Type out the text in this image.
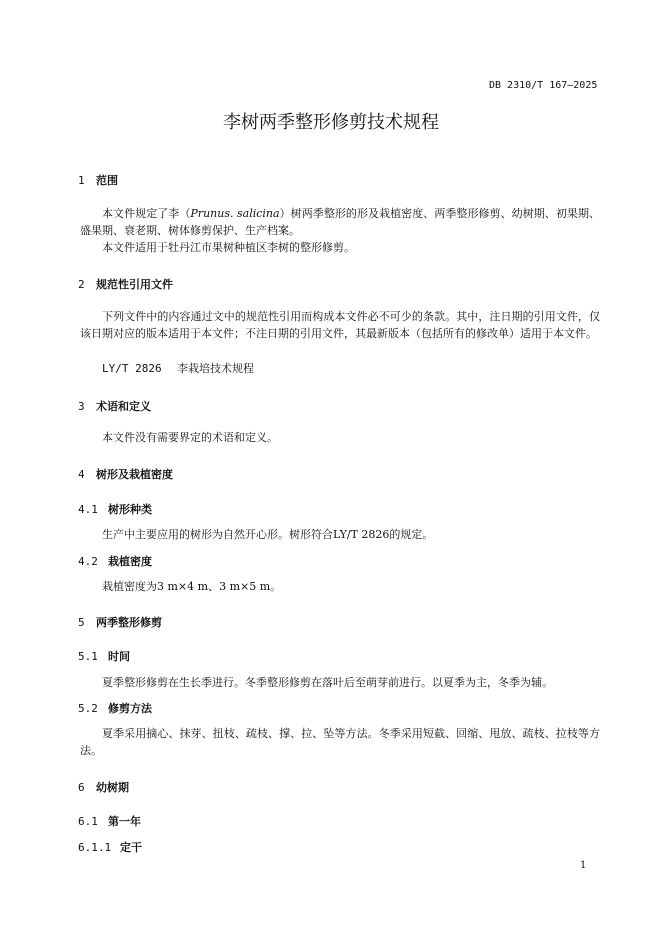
DB 2310/T 167—2025
李树两季整形修剪技术规程
1 范围
本文件规定了李（Prunus. salicina）树两季整形的形及栽植密度、两季整形修剪、幼树期、初果期、盛果期、衰老期、树体修剪保护、生产档案。
本文件适用于牡丹江市果树种植区李树的整形修剪。
2 规范性引用文件
下列文件中的内容通过文中的规范性引用而构成本文件必不可少的条款。其中，注日期的引用文件，仅该日期对应的版本适用于本文件；不注日期的引用文件，其最新版本（包括所有的修改单）适用于本文件。
LY/T 2826 李栽培技术规程
3 术语和定义
本文件没有需要界定的术语和定义。
4 树形及栽植密度
4.1 树形种类
生产中主要应用的树形为自然开心形。树形符合LY/T 2826的规定。
4.2 栽植密度
栽植密度为3 m×4 m、3 m×5 m。
5 两季整形修剪
5.1 时间
夏季整形修剪在生长季进行。冬季整形修剪在落叶后至萌芽前进行。以夏季为主，冬季为辅。
5.2 修剪方法
夏季采用摘心、抹芽、扭枝、疏枝、撑、拉、坠等方法。冬季采用短截、回缩、甩放、疏枝、拉枝等方法。
6 幼树期
6.1 第一年
6.1.1 定干
1
